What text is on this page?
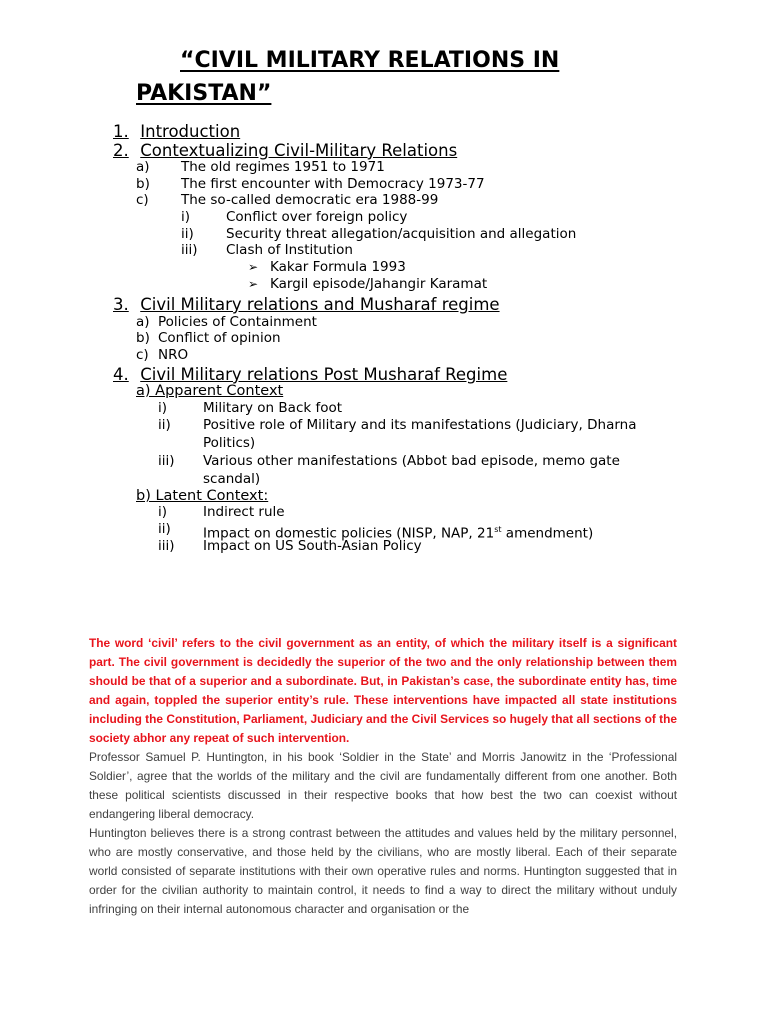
“CIVIL MILITARY RELATIONS IN
PAKISTAN”
1. Introduction
2. Contextualizing Civil-Military Relations
a) The old regimes 1951 to 1971
b) The first encounter with Democracy 1973-77
c) The so-called democratic era 1988-99
i)	Conflict over foreign policy
ii) Security threat allegation/acquisition and allegation
iii) Clash of Institution
➢ Kakar Formula 1993
➢ Kargil episode/Jahangir Karamat
3. Civil Military relations and Musharaf regime
a) Policies of Containment
b) Conflict of opinion
c) NRO
4. Civil Military relations Post Musharaf Regime
a) Apparent Context
i)	Military on Back foot
ii) Positive role of Military and its manifestations (Judiciary, Dharna
Politics)
iii) Various other manifestations (Abbot bad episode, memo gate
scandal)
b) Latent Context:
i)	Indirect rule
ii) Impact on domestic policies (NISP, NAP, 21st amendment)
iii) Impact on US South-Asian Policy

The word ‘civil’ refers to the civil government as an entity, of which the military itself is a significant part. The civil government is decidedly the superior of the two and the only relationship between them should be that of a superior and a subordinate. But, in Pakistan’s case, the subordinate entity has, time and again, toppled the superior entity’s rule. These interventions have impacted all state institutions including the Constitution, Parliament, Judiciary and the Civil Services so hugely that all sections of the society abhor any repeat of such intervention.

Professor Samuel P. Huntington, in his book ‘Soldier in the State’ and Morris Janowitz in the ‘Professional Soldier’, agree that the worlds of the military and the civil are fundamentally different from one another. Both these political scientists discussed in their respective books that how best the two can coexist without endangering liberal democracy.

Huntington believes there is a strong contrast between the attitudes and values held by the military personnel, who are mostly conservative, and those held by the civilians, who are mostly liberal. Each of their separate world consisted of separate institutions with their own operative rules and norms. Huntington suggested that in order for the civilian authority to maintain control, it needs to find a way to direct the military without unduly infringing on their internal autonomous character and organisation or the
